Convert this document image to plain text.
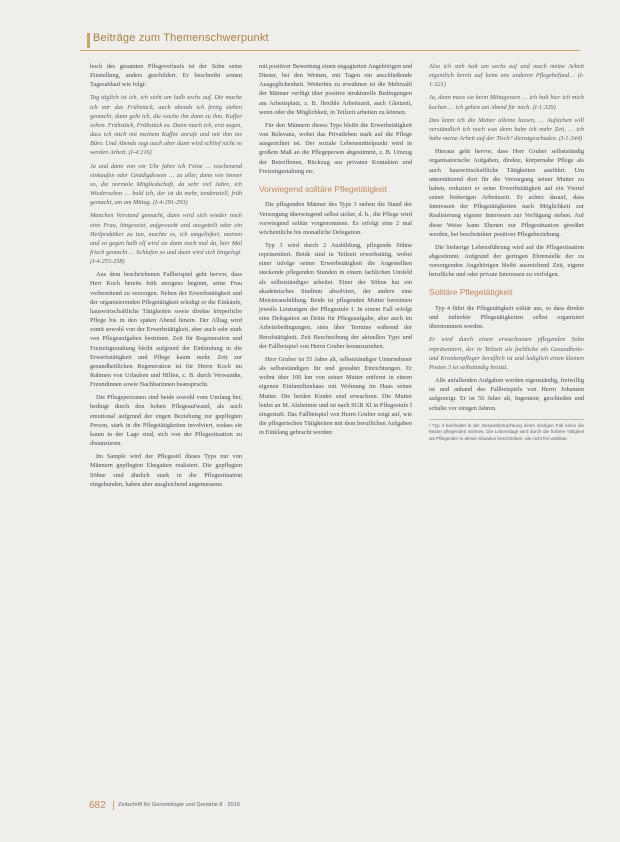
Beiträge zum Themenschwerpunkt

hoch des gesamten Pflegeverlaufs ist der Sohn seine Einstellung, anders geschildert. Er beschreibt seinen Tagesablauf wie folgt:

Tag täglich ist ich, ich sieht um halb sechs auf. Die mache ich mir das Frühstück, auch abends ich fertig stehen gemacht, dann geht ich, die wache ihn dann zu ihm. Kaffee schon. Frühstück, Frühstück zu. Dann mach ich, erst sagen, dass ich mich mit meinem Kaffee anrufe und mit ihm ins Büro. Und Abends sagt auch aber dann wird schlief nicht so werden Arbeit. (I-4:216)

Ja und dann von vor Uhr fahre ich Feine … wochenend einkaufen oder Gnädigdessen … zu aller, dann wie immer so, die normale Mitgliedschaft, da sehr viel Jahre, ich Wiedersehen … bald ich, der ist da mehr, tendenziell, früh gemacht, am am Mittag. (I-4:291-293)

Manchen Vorstand gemacht, dann wird sich wieder noch eine Frau, hingesetzt, aufgeweckt und ausgeteilt oder ein Heilpraktiker zu tun, mochte es, ich umgeliefert, meinen und so gegen halb elf wird sie dann noch mal da, hier Mal frisch gemacht … Schlafen so und dann wird sich hingelegt. (I-4:255-258)

Aus dem beschriebenen Fallbeispiel geht hervor, dass Herr Koch bereits früh morgens beginnt, seine Frau vorbereitend zu versorgen. Neben der Erwerbstätigkeit und der organisierenden Pflegetätigkeit erledigt er die Einkäufe, hauswirtschaftliche Tätigkeiten sowie direkte körperliche Pflege bis in den späten Abend hinein. Der Alltag wird somit sowohl von der Erwerbstätigkeit, aber auch sehr stark von Pflegeaufgaben bestimmt. Zeit für Regeneration und Freizeitgestaltung bleibt aufgrund der Einbindung in die Erwerbstätigkeit und Pflege kaum mehr. Zeit zur gesundheitlichen Regeneration ist für Herrn Koch im Rahmen von Urlauben und Hilfen, z. B. durch Verwandte, Freundinnen sowie Nachbarinnen beansprucht.

Die Pflegepersonen sind beide sowohl vom Umfang her, bedingt durch den hohen Pflegeaufwand, als auch emotional aufgrund der engen Beziehung zur gepflegten Person, stark in die Pflegetätigkeiten involviert, sodass sie kaum in der Lage sind, sich von der Pflegesituation zu distanzieren.

Im Sample wird der Pflegestil dieses Typs nur von Männern gepflegten Ehegatten realisiert. Die gepflegten Söhne sind ähnlich stark in die Pflegesituation eingebunden, haben aber ausgleichend angemessene.

mit positiver Bewertung einen engagierten Angehörigen und Diener, bei den Weinen, mit Tagen ein anschließende Ausgeglichenheit. Weiterhin zu erwähnen ist die Mehrzahl der Männer verfügt über positive strukturelle Bedingungen am Arbeitsplatz, z. B. flexible Arbeitszeit, auch Gleitzeit, wenn oder die Möglichkeit, in Teilzeit arbeiten zu können.

Für den Männern dieses Typs bleibt die Erwerbstätigkeit von Relevanz, wobei das Privatleben stark auf die Pflege ausgerichtet ist. Der soziale Lebensmittelpunkt wird in großem Maß an die Pflegeperson abgestimmt, z. B. Umzug der Betroffenen, Rückzug aus privaten Kontakten und Freizeitgestaltung etc.

Vorwiegend solitäre Pflegetätigkeit

Die pflegenden Männer des Typs 3 stehen die Stand der Versorgung überwiegend selbst sicher, d. h., die Pflege wird vorwiegend solitär vorgenommen. Es erfolgt eine 2 mal wöchentliche bis monatliche Delegation.

Typ 3 wird durch 2 Ausbildung, pflegende Söhne repräsentiert. Beide sind in Teilzeit erwerbstätig, wobei einer infolge seiner Erwerbstätigkeit die Angestellten steckende pflegenden Stunden in einem fachlichen Umfeld als selbstständiger arbeitet. Einer der Söhne hat ein akademisches Studium absolviert, der andere eine Meisterausbildung. Beide ist pflegenden Mutter bereiteten jeweils Leistungen der Pflegestufe I. In einem Fall erfolgt eine Delegation an Dritte für Pflegeaufgabe, aber auch im Arbeitsbedingungen, stets über Termine während der Berufstätigkeit. Zeit Beschreibung der aktuellen Typs und der Fallbeispiel von Herrn Gruber heranzuziehen.

Herr Gruber ist 55 Jahre alt, selbstständiger Unternehmer als selbstständigen für und gestaltet Einrichtungen. Er wohnt über 100 km von seiner Mutter entfernt in einem eigenen Einfamilienhaus mit Wohnung im Haus seiner Mutter. Die beiden Kinder sind erwachsen. Die Mutter leidet an M. Alzheimer und ist nach SGB XI in Pflegestufe I eingestuft. Das Fallbeispiel von Herrn Gruber zeigt auf, wie die pflegerischen Tätigkeiten mit dem beruflichen Aufgaben in Einklang gebracht werden:

Also ich steh halt um sechs auf und mach meine Arbeit eigentlich bereit auf beim ans anderen Pflegebefund… (I-1:321)

Ja, dann muss sie beim Mittagessen … ich halt hier ich mich kochen … ich gehen am Abend für mich. (I-1:329)

Das kann ich die Mutter alleine lassen, … Aufstehen will verständlich ich noch was denn habe ich mehr Zeit, … ich habe meine Arbeit auf der Tisch? dienstgeschaden. (I-1:344)

Hieraus geht hervor, dass Herr Gruber selbstständig organisatorische Aufgaben, direkte, körpernahe Pflege als auch hauswirtschaftliche Tätigkeiten ausführt. Um unterstützend dort für die Versorgung seiner Mutter zu haben, reduziert er seine Erwerbstätigkeit auf ein Viertel seiner bisherigen Arbeitszeit. Er achtet darauf, dass Interessen der Pflegetätigkeiten nach Möglichkeit zur Realisierung eigener Interessen zur Verfügung stehen. Auf diese Weise kann Ebenen zur Pflegesituation gewährt werden, bei beschränkter positiver Pflegebeziehung.

Die bisherige Lebensführung wird auf die Pflegesituation abgestimmt. Aufgrund der geringen Ehrenstelle der zu versorgenden Angehörigen bleibt ausreichend Zeit, eigene berufliche und oder private Interessen zu verfolgen.

Solitäre Pflegetätigkeit

Typ 4 führt die Pflegetätigkeit solitär aus, so dass direkte und indirekte Pflegetätigkeiten selbst organisiert übernommen werden.

Er wird durch einen erwachsenen pflegenden Sohn repräsentiert, der in Teilzeit als fachliche als Gesundheits- und Krankenpfleger beruflich ist und lediglich einen kleinen Posten 3 ist selbständig besitzt.

Alle anfallenden Aufgaben werden eigenständig, freiwillig ist und anhand des Fallbeispiels von Herrn Johansen aufgezeigt. Er ist 56 Jahre alt, Ingenieur, geschieden und schulte vor einigen Jahren.

¹ Typ 4 beinhaltet in der Gesamtbetrachtung einen einzigen Fall eines die Mutter pflegenden Sohnes. Die Lebenslage wird durch die frühere Tätigkeit als Pflegender in dieser Situation beschrieben, als nicht frei wählbar.
682 Zeitschrift für Gerontologie und Geriatrie 8 · 2016
